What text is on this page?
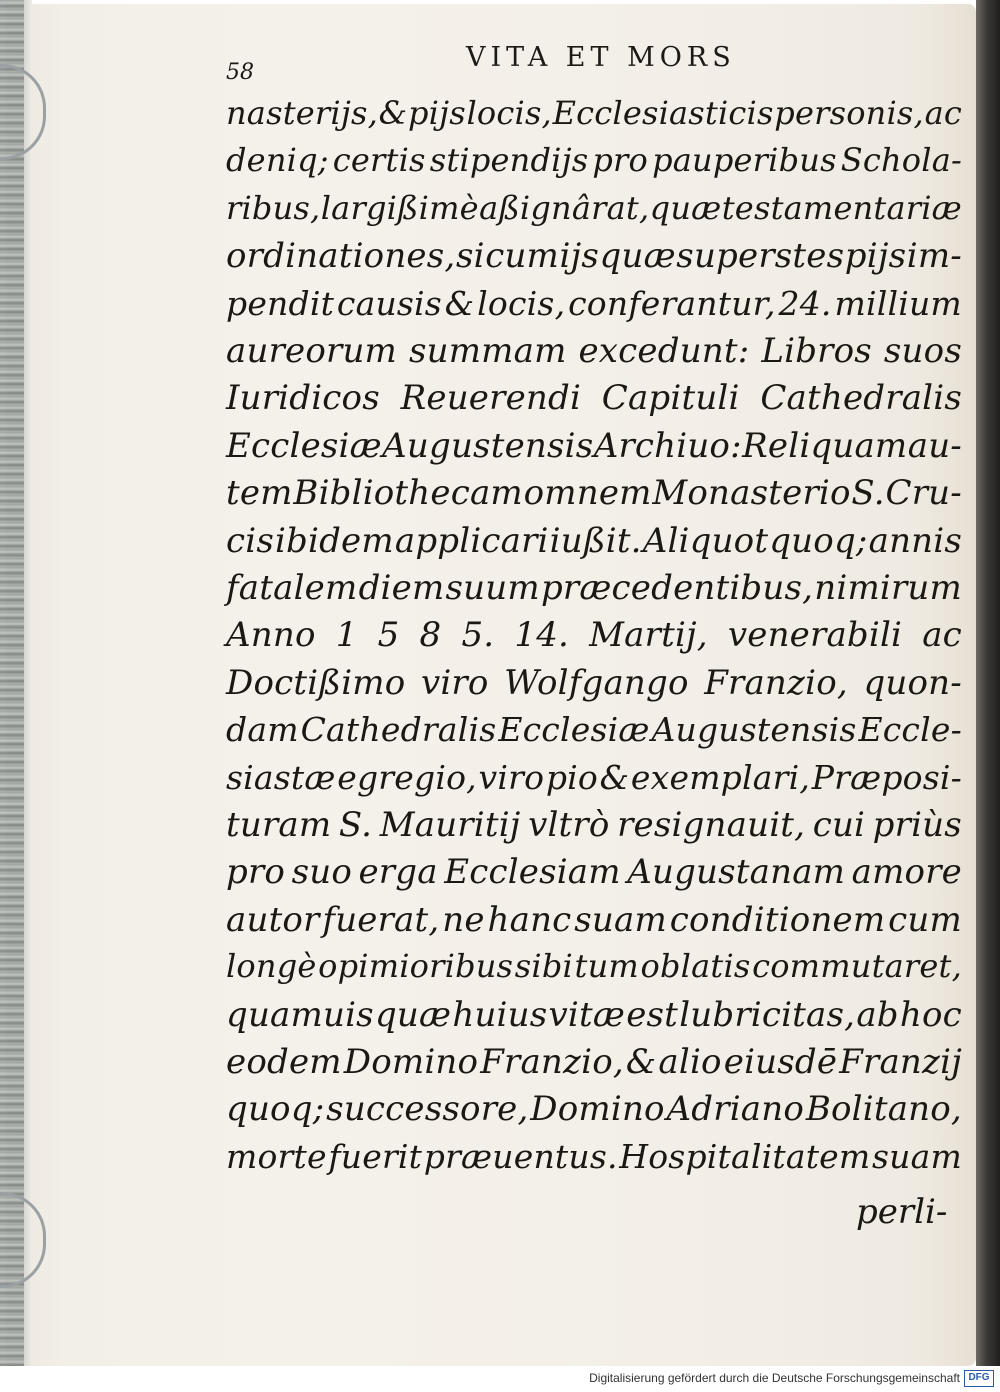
58	VITA ET MORS
nasteriјs, & pijs locis, Ecclesiasticis personis, ac
deniq; certis stipendijs pro pauperibus Schola-
ribus, largißimè aßignârat, quæ testamentariæ
ordinationes, si cum ijs quæ superstes pijs im-
pendit causis & locis, conferantur, 24. millium
aureorum summam excedunt: Libros suos
Iuridicos Reuerendi Capituli Cathedralis
Ecclesiæ Augustensis Archiuo: Reliquam au-
tem Bibliothecam omnem Monasterio S. Cru-
cis ibidem applicari iußit. Aliquot quoq; annis
fatalem diem suum præcedentibus, nimirum
Anno 1 5 8 5. 14. Martij, venerabili ac
Doctißimo viro Wolfgango Franzio, quon-
dam Cathedralis Ecclesiæ Augustensis Eccle-
siastæ egregio, viro pio & exemplari, Præposi-
turam S. Mauritij vltrò resignauit, cui priùs
pro suo erga Ecclesiam Augustanam amore
autor fuerat, ne hanc suam conditionem cum
longè opimioribus sibi tum oblatis commutaret,
quamuis quæ huius vitæ est lubricitas, ab hoc
eodem Domino Franzio, & alio eiusdē Franzij
quoq; successore, Domino Adriano Bolitano,
morte fuerit præuentus. Hospitalitatem suam
perli-
Digitalisierung gefördert durch die Deutsche Forschungsgemeinschaft DFG
